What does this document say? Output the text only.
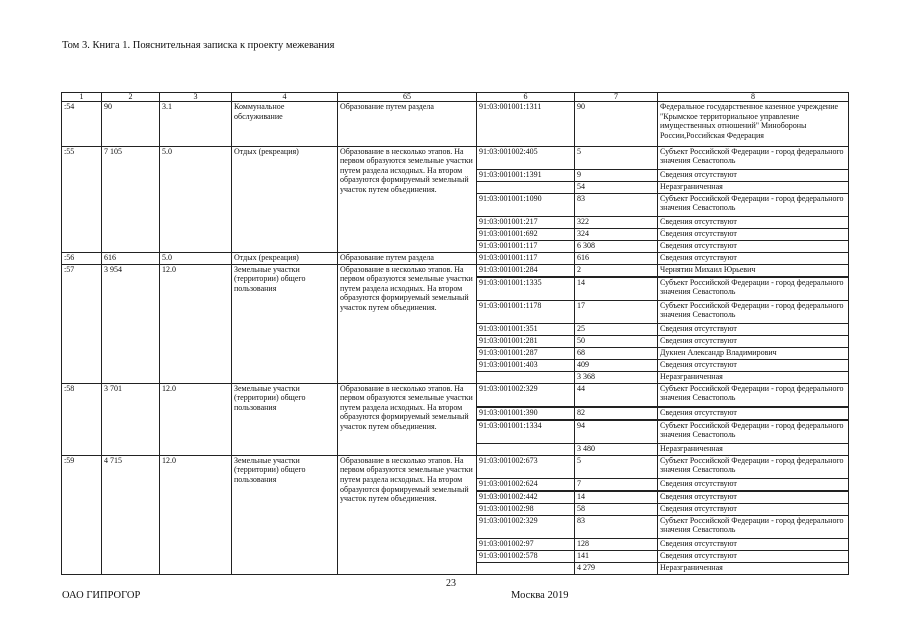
Том 3. Книга 1. Пояснительная записка к проекту межевания
1	2	3	4	65	6	7	8
:54	90	3.1	Коммунальное обслуживание	Образование путем раздела	91:03:001001:1311	90	Федеральное государственное казенное учреждение "Крымское территориальное управление имущественных отношений" Минобороны России,Российская Федерация
:55	7 105	5.0	Отдых (рекреация)	Образование в несколько этапов. На первом образуются земельные участки путем раздела исходных. На втором образуются формируемый земельный участок путем объединения.	91:03:001002:405	5	Субъект Российской Федерации - город федерального значения Севастополь
					91:03:001001:1391	9	Сведения отсутствуют
						54	Неразграниченная
					91:03:001001:1090	83	Субъект Российской Федерации - город федерального значения Севастополь
					91:03:001001:217	322	Сведения отсутствуют
					91:03:001001:692	324	Сведения отсутствуют
					91:03:001001:117	6 308	Сведения отсутствуют
:56	616	5.0	Отдых (рекреация)	Образование путем раздела	91:03:001001:117	616	Сведения отсутствуют
:57	3 954	12.0	Земельные участки (территории) общего пользования	Образование в несколько этапов. На первом образуются земельные участки путем раздела исходных. На втором образуются формируемый земельный участок путем объединения.	91:03:001001:284	2	Чернятин Михаил Юрьевич
					91:03:001001:1335	14	Субъект Российской Федерации - город федерального значения Севастополь
					91:03:001001:1178	17	Субъект Российской Федерации - город федерального значения Севастополь
					91:03:001001:351	25	Сведения отсутствуют
					91:03:001001:281	50	Сведения отсутствуют
					91:03:001001:287	68	Дукнен Александр Владимирович
					91:03:001001:403	409	Сведения отсутствуют
						3 368	Неразграниченная
:58	3 701	12.0	Земельные участки (территории) общего пользования	Образование в несколько этапов. На первом образуются земельные участки путем раздела исходных. На втором образуются формируемый земельный участок путем объединения.	91:03:001002:329	44	Субъект Российской Федерации - город федерального значения Севастополь
					91:03:001001:390	82	Сведения отсутствуют
					91:03:001001:1334	94	Субъект Российской Федерации - город федерального значения Севастополь
						3 480	Неразграниченная
:59	4 715	12.0	Земельные участки (территории) общего пользования	Образование в несколько этапов. На первом образуются земельные участки путем раздела исходных. На втором образуются формируемый земельный участок путем объединения.	91:03:001002:673	5	Субъект Российской Федерации - город федерального значения Севастополь
					91:03:001002:624	7	Сведения отсутствуют
					91:03:001002:442	14	Сведения отсутствуют
					91:03:001002:98	58	Сведения отсутствуют
					91:03:001002:329	83	Субъект Российской Федерации - город федерального значения Севастополь
					91:03:001002:97	128	Сведения отсутствуют
					91:03:001002:578	141	Сведения отсутствуют
						4 279	Неразграниченная
23
ОАО ГИПРОГОР	Москва 2019
